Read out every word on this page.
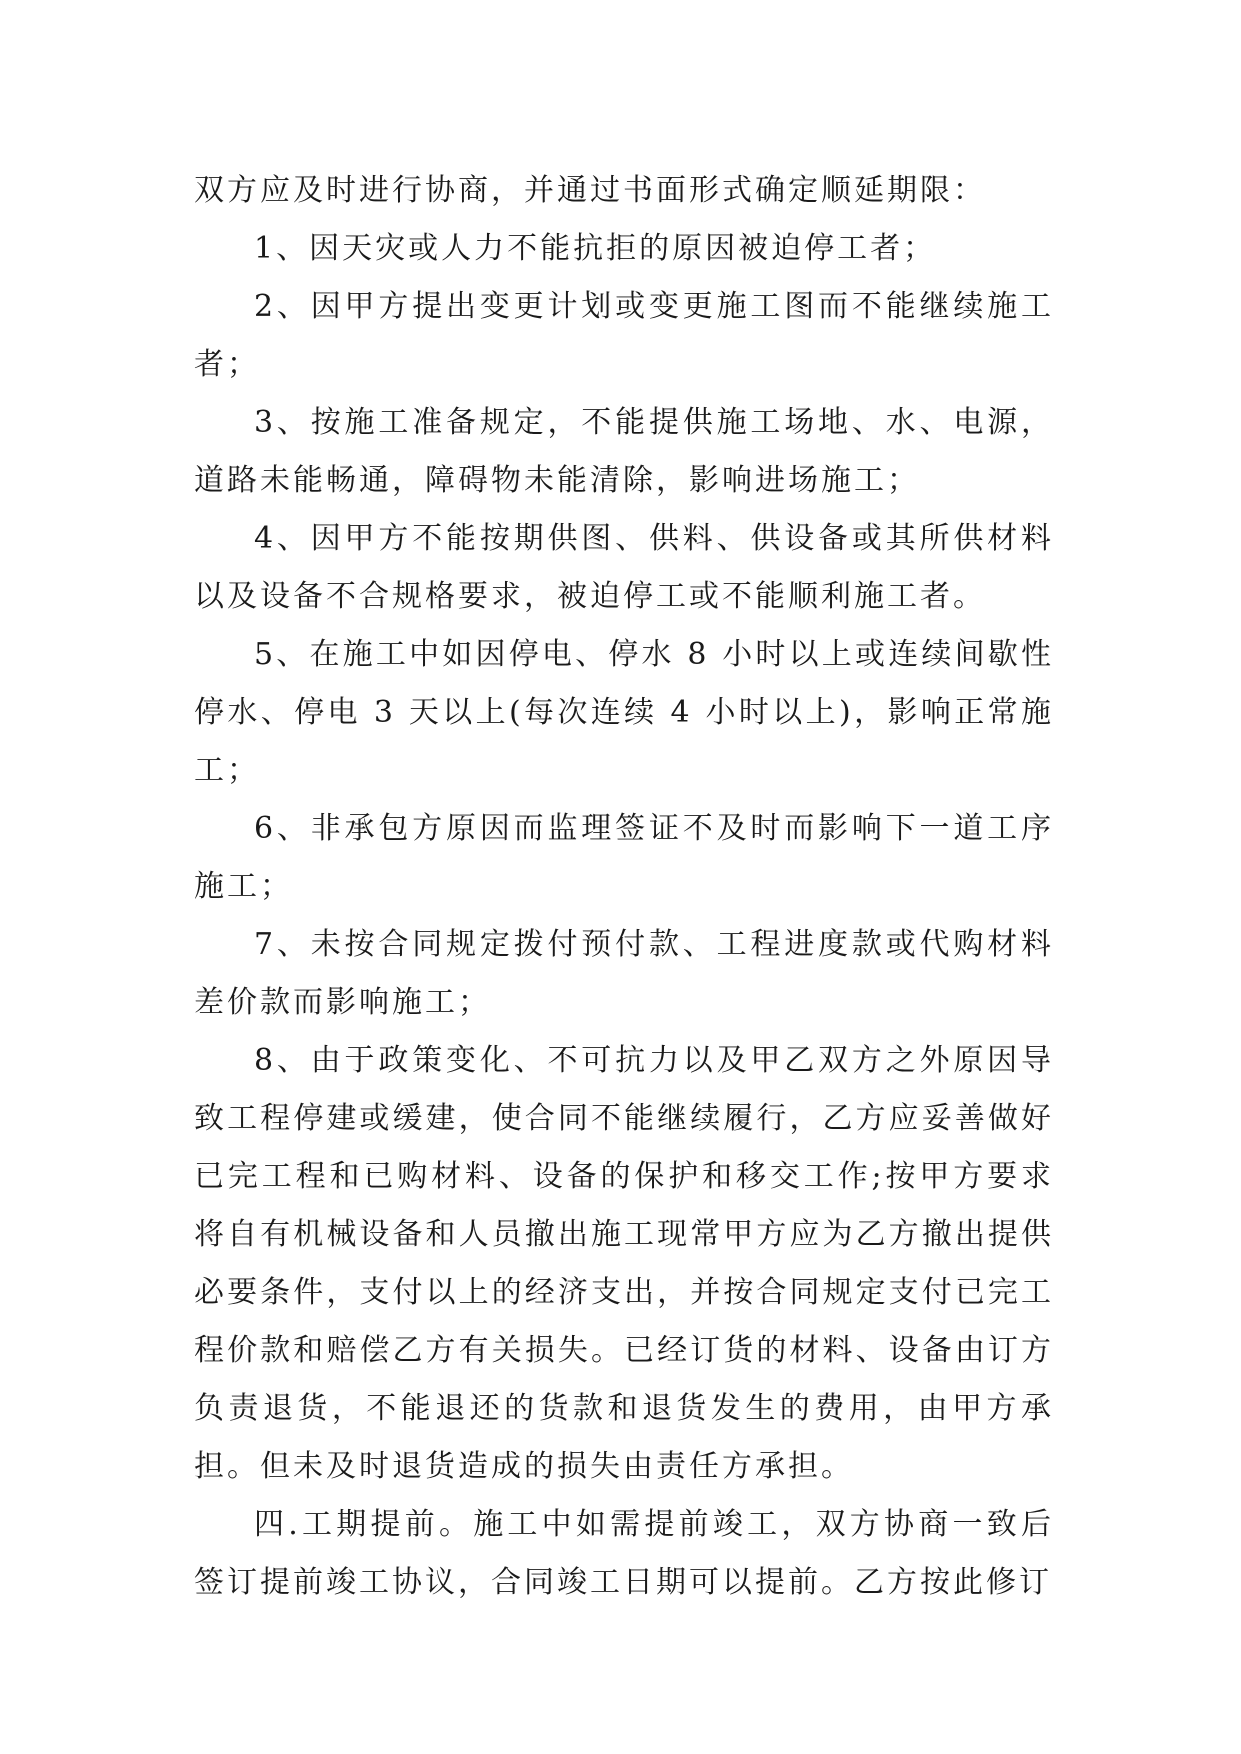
双方应及时进行协商，并通过书面形式确定顺延期限：

1、因天灾或人力不能抗拒的原因被迫停工者；

2、因甲方提出变更计划或变更施工图而不能继续施工者；

3、按施工准备规定，不能提供施工场地、水、电源，道路未能畅通，障碍物未能清除，影响进场施工；

4、因甲方不能按期供图、供料、供设备或其所供材料以及设备不合规格要求，被迫停工或不能顺利施工者。

5、在施工中如因停电、停水 8 小时以上或连续间歇性停水、停电 3 天以上(每次连续 4 小时以上)，影响正常施工；

6、非承包方原因而监理签证不及时而影响下一道工序施工；

7、未按合同规定拨付预付款、工程进度款或代购材料差价款而影响施工；

8、由于政策变化、不可抗力以及甲乙双方之外原因导致工程停建或缓建，使合同不能继续履行，乙方应妥善做好已完工程和已购材料、设备的保护和移交工作;按甲方要求将自有机械设备和人员撤出施工现常甲方应为乙方撤出提供必要条件，支付以上的经济支出，并按合同规定支付已完工程价款和赔偿乙方有关损失。已经订货的材料、设备由订方负责退货，不能退还的货款和退货发生的费用，由甲方承担。但未及时退货造成的损失由责任方承担。

四.工期提前。施工中如需提前竣工，双方协商一致后签订提前竣工协议，合同竣工日期可以提前。乙方按此修订
